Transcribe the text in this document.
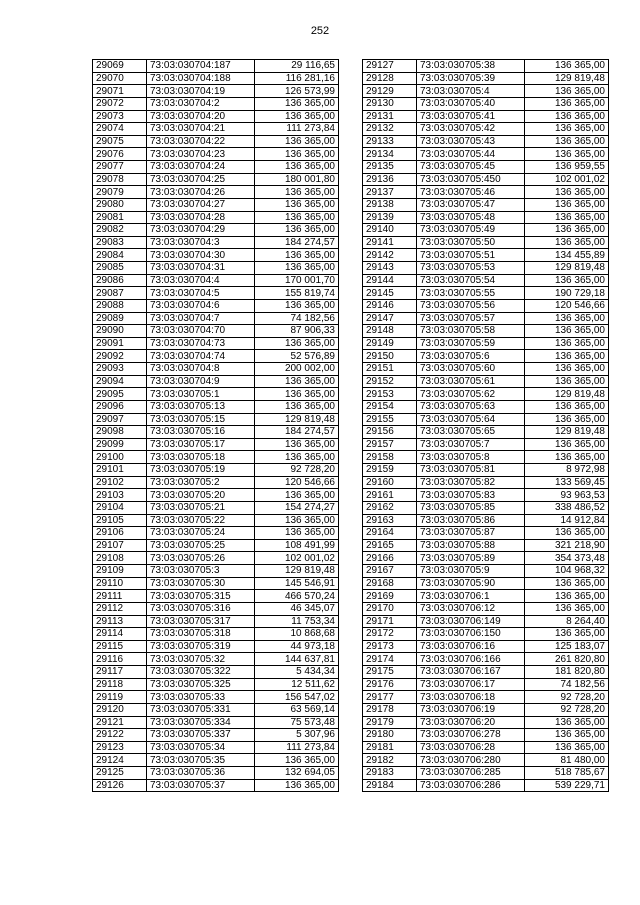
252
29069	73:03:030704:187	29 116,65
29070	73:03:030704:188	116 281,16
29071	73:03:030704:19	126 573,99
29072	73:03:030704:2	136 365,00
29073	73:03:030704:20	136 365,00
29074	73:03:030704:21	111 273,84
29075	73:03:030704:22	136 365,00
29076	73:03:030704:23	136 365,00
29077	73:03:030704:24	136 365,00
29078	73:03:030704:25	180 001,80
29079	73:03:030704:26	136 365,00
29080	73:03:030704:27	136 365,00
29081	73:03:030704:28	136 365,00
29082	73:03:030704:29	136 365,00
29083	73:03:030704:3	184 274,57
29084	73:03:030704:30	136 365,00
29085	73:03:030704:31	136 365,00
29086	73:03:030704:4	170 001,70
29087	73:03:030704:5	155 819,74
29088	73:03:030704:6	136 365,00
29089	73:03:030704:7	74 182,56
29090	73:03:030704:70	87 906,33
29091	73:03:030704:73	136 365,00
29092	73:03:030704:74	52 576,89
29093	73:03:030704:8	200 002,00
29094	73:03:030704:9	136 365,00
29095	73:03:030705:1	136 365,00
29096	73:03:030705:13	136 365,00
29097	73:03:030705:15	129 819,48
29098	73:03:030705:16	184 274,57
29099	73:03:030705:17	136 365,00
29100	73:03:030705:18	136 365,00
29101	73:03:030705:19	92 728,20
29102	73:03:030705:2	120 546,66
29103	73:03:030705:20	136 365,00
29104	73:03:030705:21	154 274,27
29105	73:03:030705:22	136 365,00
29106	73:03:030705:24	136 365,00
29107	73:03:030705:25	108 491,99
29108	73:03:030705:26	102 001,02
29109	73:03:030705:3	129 819,48
29110	73:03:030705:30	145 546,91
29111	73:03:030705:315	466 570,24
29112	73:03:030705:316	46 345,07
29113	73:03:030705:317	11 753,34
29114	73:03:030705:318	10 868,68
29115	73:03:030705:319	44 973,18
29116	73:03:030705:32	144 637,81
29117	73:03:030705:322	5 434,34
29118	73:03:030705:325	12 511,62
29119	73:03:030705:33	156 547,02
29120	73:03:030705:331	63 569,14
29121	73:03:030705:334	75 573,48
29122	73:03:030705:337	5 307,96
29123	73:03:030705:34	111 273,84
29124	73:03:030705:35	136 365,00
29125	73:03:030705:36	132 694,05
29126	73:03:030705:37	136 365,00
29127	73:03:030705:38	136 365,00
29128	73:03:030705:39	129 819,48
29129	73:03:030705:4	136 365,00
29130	73:03:030705:40	136 365,00
29131	73:03:030705:41	136 365,00
29132	73:03:030705:42	136 365,00
29133	73:03:030705:43	136 365,00
29134	73:03:030705:44	136 365,00
29135	73:03:030705:45	136 959,55
29136	73:03:030705:450	102 001,02
29137	73:03:030705:46	136 365,00
29138	73:03:030705:47	136 365,00
29139	73:03:030705:48	136 365,00
29140	73:03:030705:49	136 365,00
29141	73:03:030705:50	136 365,00
29142	73:03:030705:51	134 455,89
29143	73:03:030705:53	129 819,48
29144	73:03:030705:54	136 365,00
29145	73:03:030705:55	190 729,18
29146	73:03:030705:56	120 546,66
29147	73:03:030705:57	136 365,00
29148	73:03:030705:58	136 365,00
29149	73:03:030705:59	136 365,00
29150	73:03:030705:6	136 365,00
29151	73:03:030705:60	136 365,00
29152	73:03:030705:61	136 365,00
29153	73:03:030705:62	129 819,48
29154	73:03:030705:63	136 365,00
29155	73:03:030705:64	136 365,00
29156	73:03:030705:65	129 819,48
29157	73:03:030705:7	136 365,00
29158	73:03:030705:8	136 365,00
29159	73:03:030705:81	8 972,98
29160	73:03:030705:82	133 569,45
29161	73:03:030705:83	93 963,53
29162	73:03:030705:85	338 486,52
29163	73:03:030705:86	14 912,84
29164	73:03:030705:87	136 365,00
29165	73:03:030705:88	321 218,90
29166	73:03:030705:89	354 373,48
29167	73:03:030705:9	104 968,32
29168	73:03:030705:90	136 365,00
29169	73:03:030706:1	136 365,00
29170	73:03:030706:12	136 365,00
29171	73:03:030706:149	8 264,40
29172	73:03:030706:150	136 365,00
29173	73:03:030706:16	125 183,07
29174	73:03:030706:166	261 820,80
29175	73:03:030706:167	181 820,80
29176	73:03:030706:17	74 182,56
29177	73:03:030706:18	92 728,20
29178	73:03:030706:19	92 728,20
29179	73:03:030706:20	136 365,00
29180	73:03:030706:278	136 365,00
29181	73:03:030706:28	136 365,00
29182	73:03:030706:280	81 480,00
29183	73:03:030706:285	518 785,67
29184	73:03:030706:286	539 229,71
